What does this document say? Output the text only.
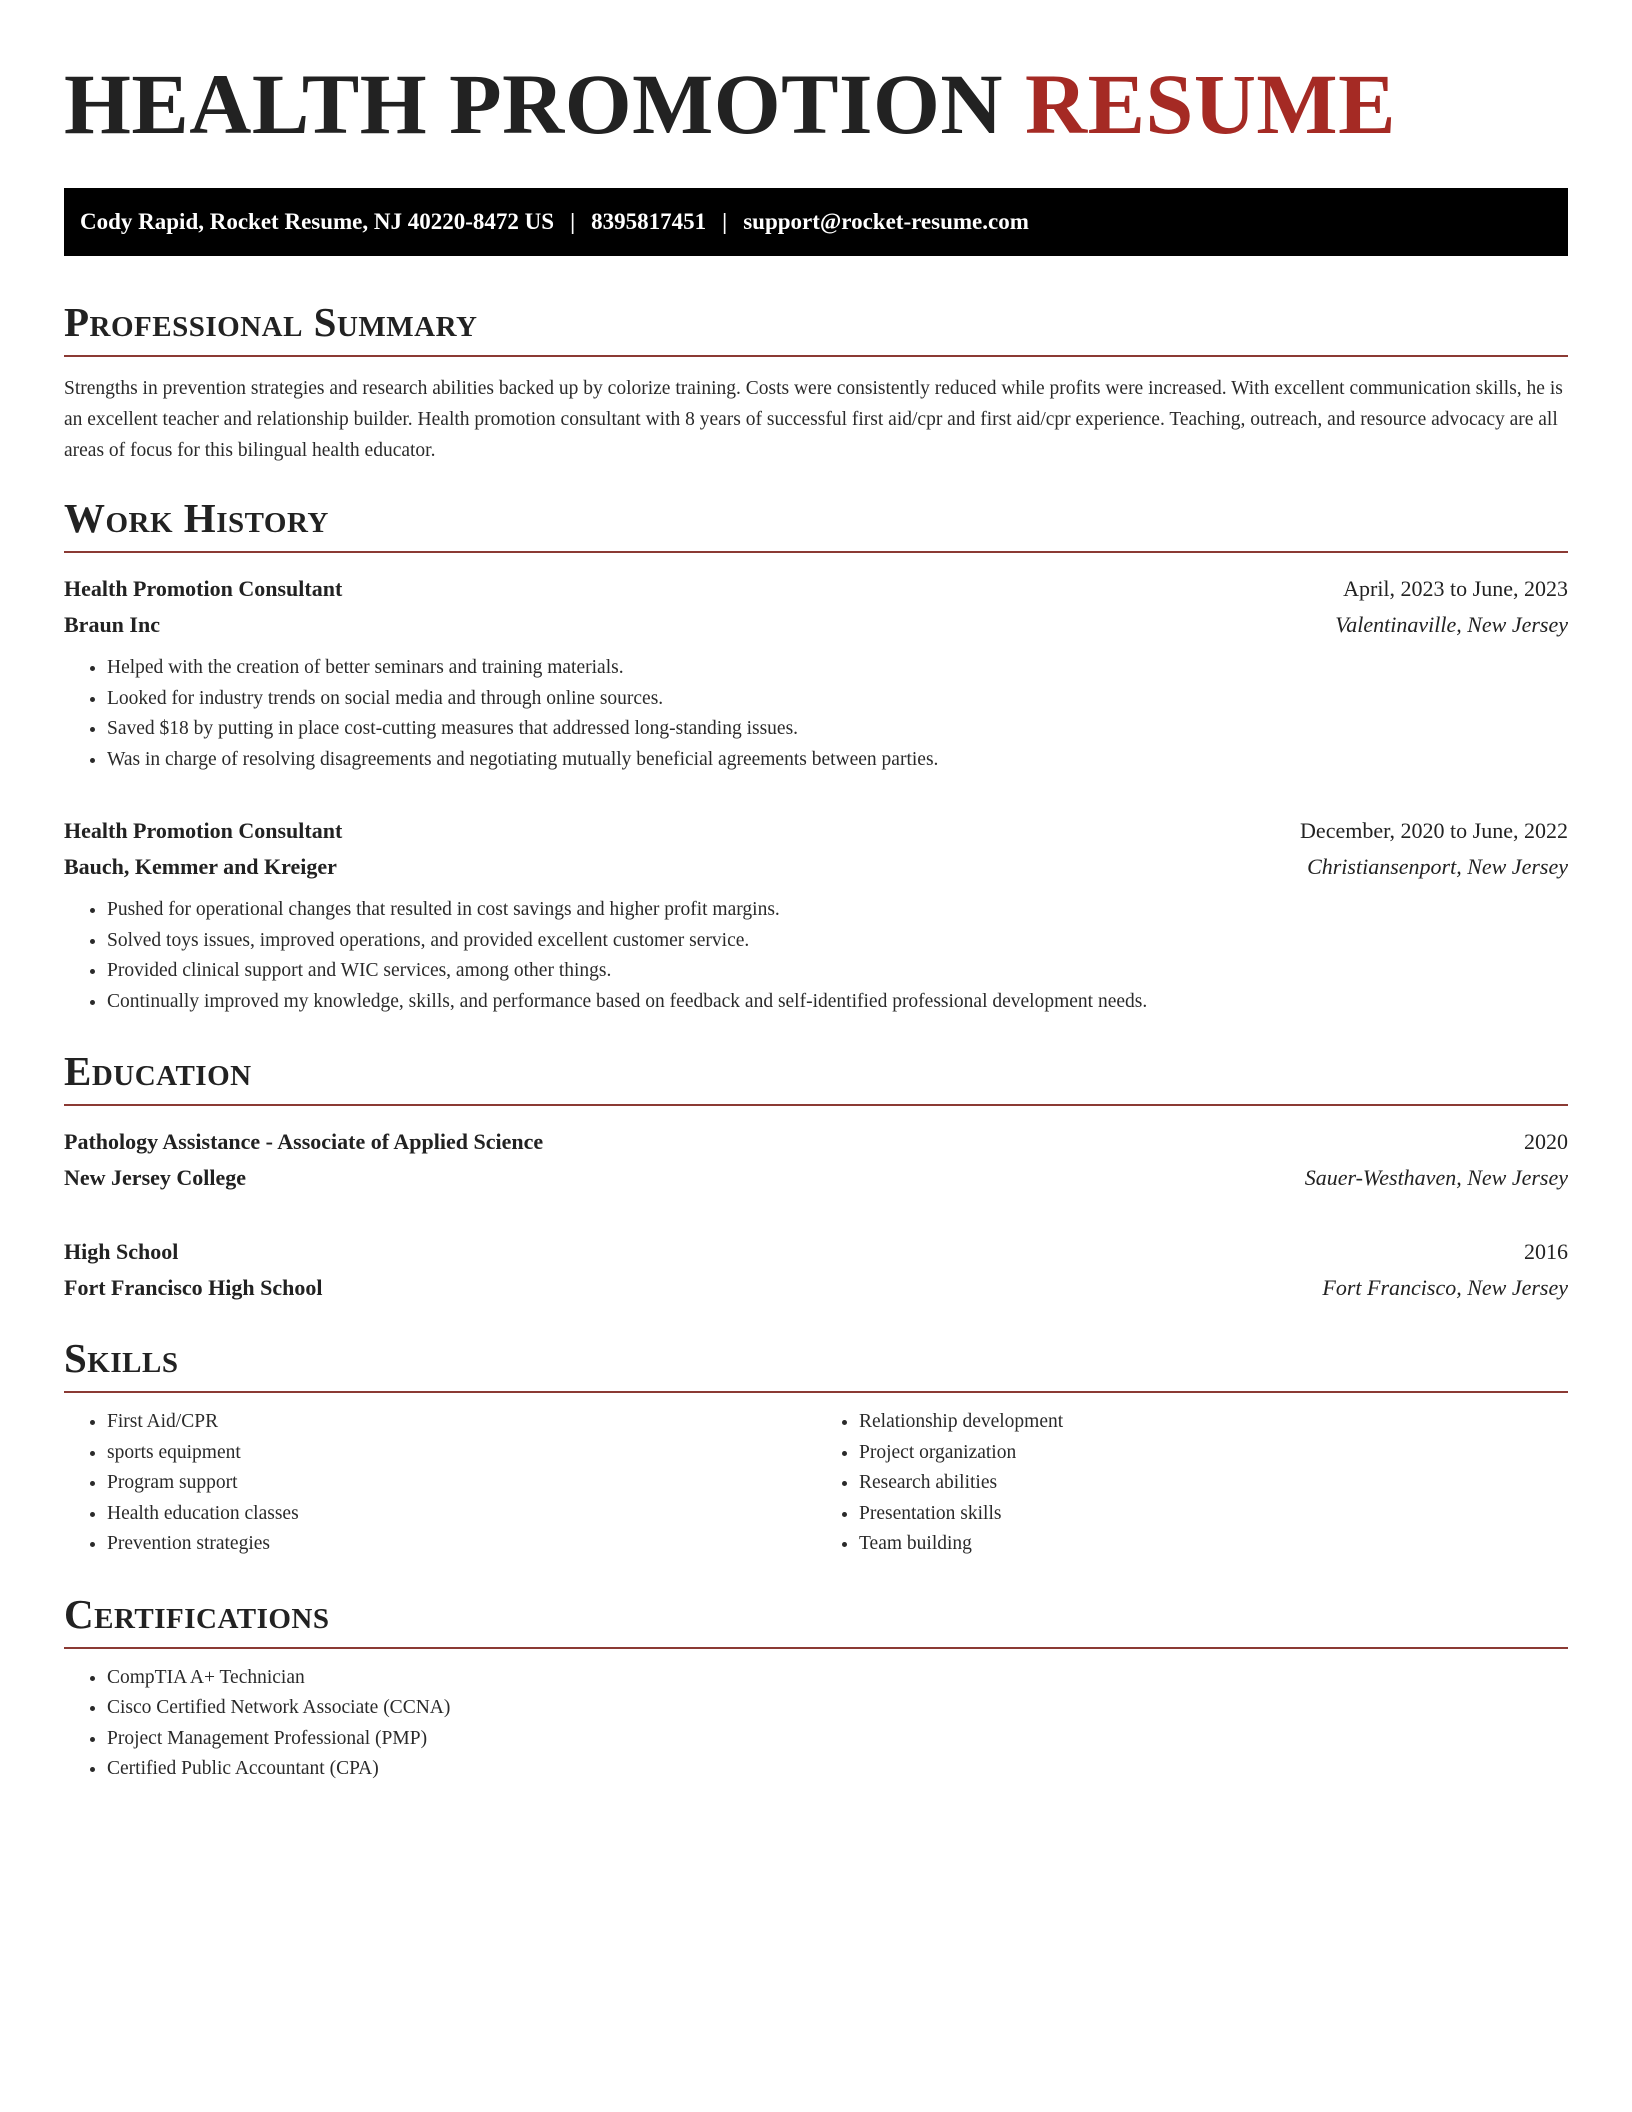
HEALTH PROMOTION RESUME
Cody Rapid, Rocket Resume, NJ 40220-8472 US | 8395817451 | support@rocket-resume.com
Professional Summary

Strengths in prevention strategies and research abilities backed up by colorize training. Costs were consistently reduced while profits were increased. With excellent communication skills, he is an excellent teacher and relationship builder. Health promotion consultant with 8 years of successful first aid/cpr and first aid/cpr experience. Teaching, outreach, and resource advocacy are all areas of focus for this bilingual health educator.

Work History
Health Promotion Consultant	April, 2023 to June, 2023
Braun Inc	Valentinaville, New Jersey
• Helped with the creation of better seminars and training materials.
• Looked for industry trends on social media and through online sources.
• Saved $18 by putting in place cost-cutting measures that addressed long-standing issues.
• Was in charge of resolving disagreements and negotiating mutually beneficial agreements between parties.
Health Promotion Consultant	December, 2020 to June, 2022
Bauch, Kemmer and Kreiger	Christiansenport, New Jersey
• Pushed for operational changes that resulted in cost savings and higher profit margins.
• Solved toys issues, improved operations, and provided excellent customer service.
• Provided clinical support and WIC services, among other things.
• Continually improved my knowledge, skills, and performance based on feedback and self-identified professional development needs.
Education
Pathology Assistance - Associate of Applied Science	2020
New Jersey College	Sauer-Westhaven, New Jersey
High School	2016
Fort Francisco High School	Fort Francisco, New Jersey
Skills
• First Aid/CPR
• sports equipment
• Program support
• Health education classes
• Prevention strategies
• Relationship development
• Project organization
• Research abilities
• Presentation skills
• Team building
Certifications
• CompTIA A+ Technician
• Cisco Certified Network Associate (CCNA)
• Project Management Professional (PMP)
• Certified Public Accountant (CPA)
